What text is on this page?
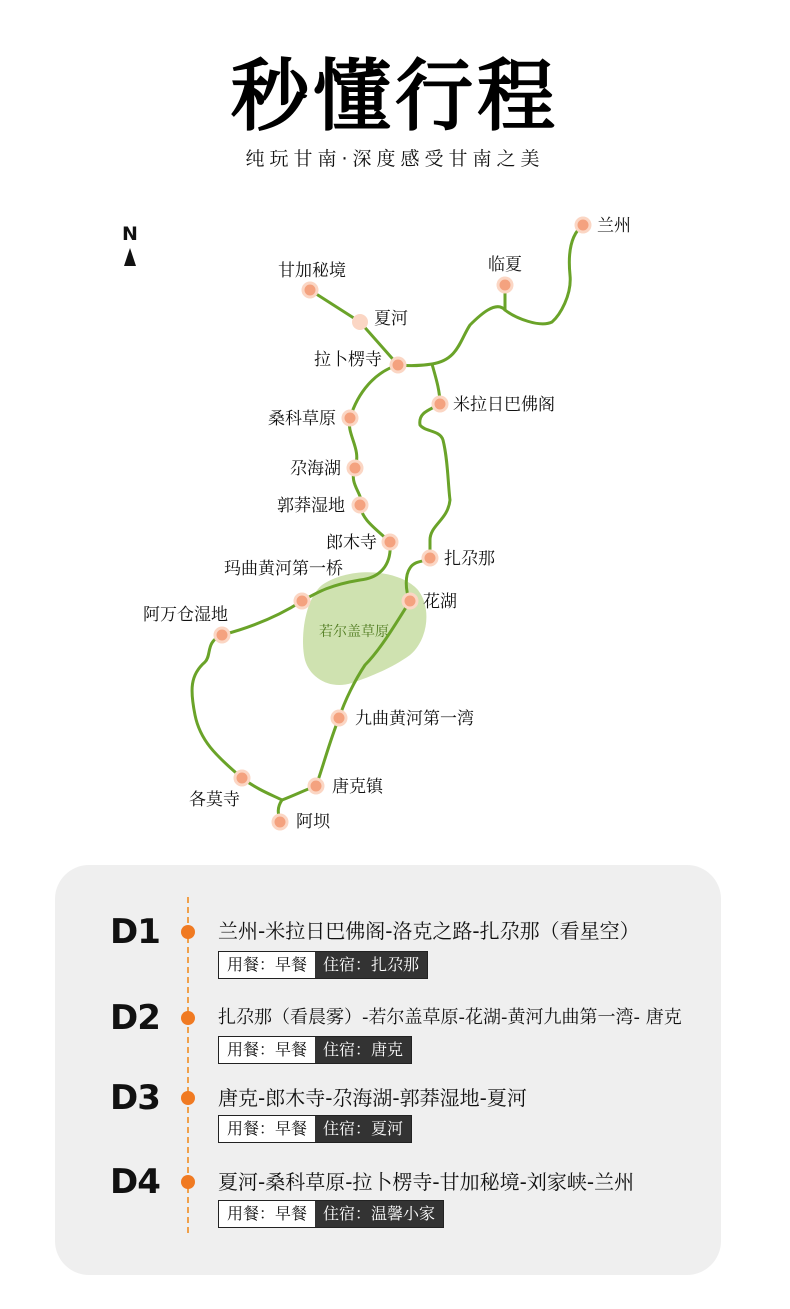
秒懂行程
纯玩甘南·深度感受甘南之美
N
若尔盖草原
兰州
临夏
甘加秘境
夏河
拉卜楞寺
米拉日巴佛阁
桑科草原
尕海湖
郭莽湿地
郎木寺
扎尕那
玛曲黄河第一桥
花湖
阿万仓湿地
九曲黄河第一湾
唐克镇
各莫寺
阿坝
D1	兰州-米拉日巴佛阁-洛克之路-扎尕那（看星空）
用餐：早餐	住宿：扎尕那
D2	扎尕那（看晨雾）-若尔盖草原-花湖-黄河九曲第一湾- 唐克
用餐：早餐	住宿：唐克
D3	唐克-郎木寺-尕海湖-郭莽湿地-夏河
用餐：早餐	住宿：夏河
D4	夏河-桑科草原-拉卜楞寺-甘加秘境-刘家峡-兰州
用餐：早餐	住宿：温馨小家
